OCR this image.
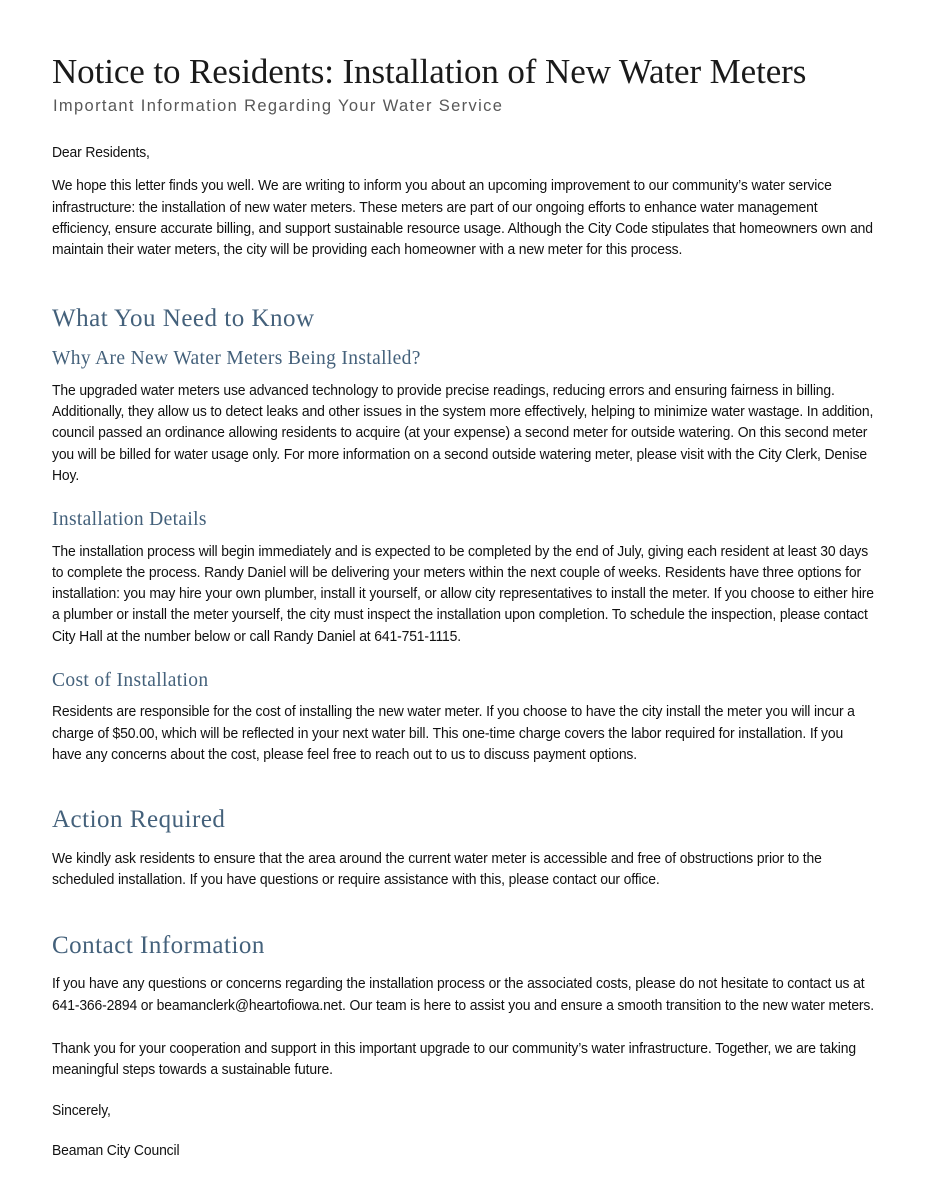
Notice to Residents: Installation of New Water Meters
Important Information Regarding Your Water Service

Dear Residents,

We hope this letter finds you well. We are writing to inform you about an upcoming improvement to our community’s water service infrastructure: the installation of new water meters. These meters are part of our ongoing efforts to enhance water management efficiency, ensure accurate billing, and support sustainable resource usage. Although the City Code stipulates that homeowners own and maintain their water meters, the city will be providing each homeowner with a new meter for this process.

What You Need to Know
Why Are New Water Meters Being Installed?

The upgraded water meters use advanced technology to provide precise readings, reducing errors and ensuring fairness in billing. Additionally, they allow us to detect leaks and other issues in the system more effectively, helping to minimize water wastage. In addition, council passed an ordinance allowing residents to acquire (at your expense) a second meter for outside watering. On this second meter you will be billed for water usage only. For more information on a second outside watering meter, please visit with the City Clerk, Denise Hoy.

Installation Details

The installation process will begin immediately and is expected to be completed by the end of July, giving each resident at least 30 days to complete the process. Randy Daniel will be delivering your meters within the next couple of weeks. Residents have three options for installation: you may hire your own plumber, install it yourself, or allow city representatives to install the meter. If you choose to either hire a plumber or install the meter yourself, the city must inspect the installation upon completion. To schedule the inspection, please contact City Hall at the number below or call Randy Daniel at 641-751-1115.

Cost of Installation

Residents are responsible for the cost of installing the new water meter. If you choose to have the city install the meter you will incur a charge of $50.00, which will be reflected in your next water bill. This one-time charge covers the labor required for installation. If you have any concerns about the cost, please feel free to reach out to us to discuss payment options.

Action Required

We kindly ask residents to ensure that the area around the current water meter is accessible and free of obstructions prior to the scheduled installation. If you have questions or require assistance with this, please contact our office.

Contact Information

If you have any questions or concerns regarding the installation process or the associated costs, please do not hesitate to contact us at 641-366-2894 or beamanclerk@heartofiowa.net. Our team is here to assist you and ensure a smooth transition to the new water meters.

Thank you for your cooperation and support in this important upgrade to our community’s water infrastructure. Together, we are taking meaningful steps towards a sustainable future.

Sincerely,

Beaman City Council
